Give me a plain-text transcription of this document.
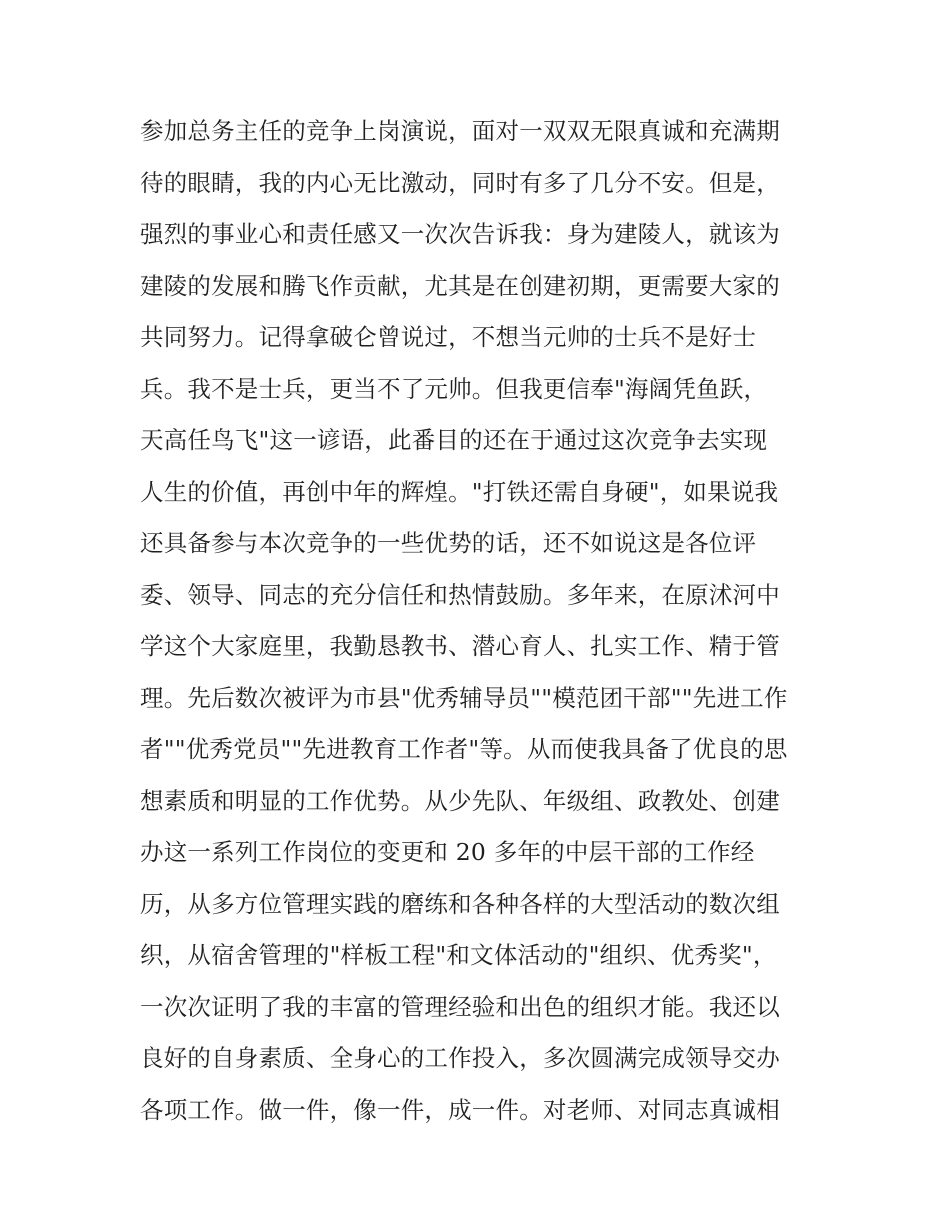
参加总务主任的竞争上岗演说，面对一双双无限真诚和充满期
待的眼睛，我的内心无比激动，同时有多了几分不安。但是，
强烈的事业心和责任感又一次次告诉我：身为建陵人，就该为
建陵的发展和腾飞作贡献，尤其是在创建初期，更需要大家的
共同努力。记得拿破仑曾说过，不想当元帅的士兵不是好士
兵。我不是士兵，更当不了元帅。但我更信奉"海阔凭鱼跃，
天高任鸟飞"这一谚语，此番目的还在于通过这次竞争去实现
人生的价值，再创中年的辉煌。"打铁还需自身硬"，如果说我
还具备参与本次竞争的一些优势的话，还不如说这是各位评
委、领导、同志的充分信任和热情鼓励。多年来，在原沭河中
学这个大家庭里，我勤恳教书、潜心育人、扎实工作、精于管
理。先后数次被评为市县"优秀辅导员""模范团干部""先进工作
者""优秀党员""先进教育工作者"等。从而使我具备了优良的思
想素质和明显的工作优势。从少先队、年级组、政教处、创建
办这一系列工作岗位的变更和 20 多年的中层干部的工作经
历，从多方位管理实践的磨练和各种各样的大型活动的数次组
织，从宿舍管理的"样板工程"和文体活动的"组织、优秀奖"，
一次次证明了我的丰富的管理经验和出色的组织才能。我还以
良好的自身素质、全身心的工作投入，多次圆满完成领导交办
各项工作。做一件，像一件，成一件。对老师、对同志真诚相
